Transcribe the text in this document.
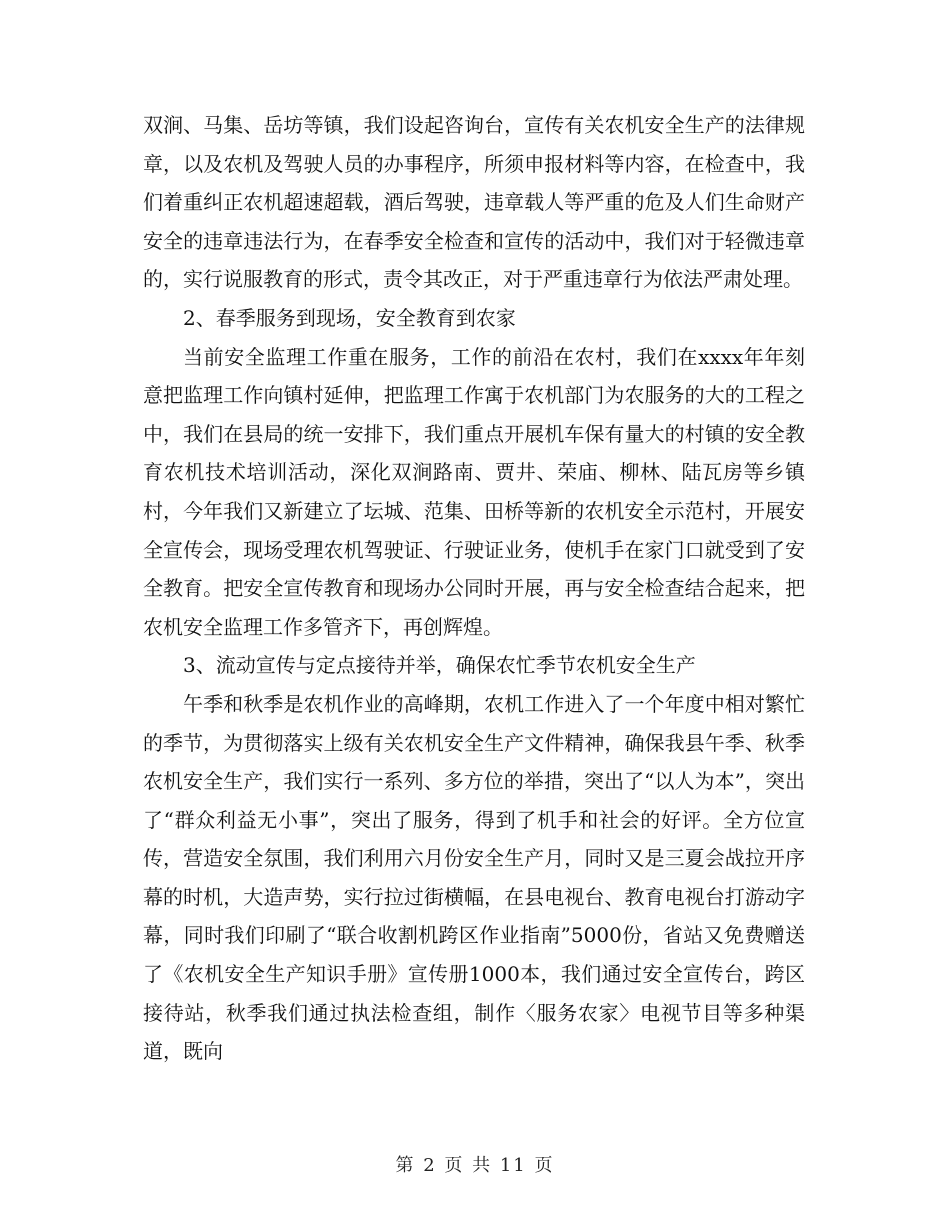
双涧、马集、岳坊等镇，我们设起咨询台，宣传有关农机安全生产的法律规章，以及农机及驾驶人员的办事程序，所须申报材料等内容，在检查中，我们着重纠正农机超速超载，酒后驾驶，违章载人等严重的危及人们生命财产安全的违章违法行为，在春季安全检查和宣传的活动中，我们对于轻微违章的，实行说服教育的形式，责令其改正，对于严重违章行为依法严肃处理。

2、春季服务到现场，安全教育到农家

当前安全监理工作重在服务，工作的前沿在农村，我们在xxxx年年刻意把监理工作向镇村延伸，把监理工作寓于农机部门为农服务的大的工程之中，我们在县局的统一安排下，我们重点开展机车保有量大的村镇的安全教育农机技术培训活动，深化双涧路南、贾井、荣庙、柳林、陆瓦房等乡镇村，今年我们又新建立了坛城、范集、田桥等新的农机安全示范村，开展安全宣传会，现场受理农机驾驶证、行驶证业务，使机手在家门口就受到了安全教育。把安全宣传教育和现场办公同时开展，再与安全检查结合起来，把农机安全监理工作多管齐下，再创辉煌。

3、流动宣传与定点接待并举，确保农忙季节农机安全生产

午季和秋季是农机作业的高峰期，农机工作进入了一个年度中相对繁忙的季节，为贯彻落实上级有关农机安全生产文件精神，确保我县午季、秋季农机安全生产，我们实行一系列、多方位的举措，突出了“以人为本”，突出了“群众利益无小事”，突出了服务，得到了机手和社会的好评。全方位宣传，营造安全氛围，我们利用六月份安全生产月，同时又是三夏会战拉开序幕的时机，大造声势，实行拉过街横幅，在县电视台、教育电视台打游动字幕，同时我们印刷了“联合收割机跨区作业指南”5000份，省站又免费赠送了《农机安全生产知识手册》宣传册1000本，我们通过安全宣传台，跨区接待站，秋季我们通过执法检查组，制作〈服务农家〉电视节目等多种渠道，既向

第 2 页 共 11 页
